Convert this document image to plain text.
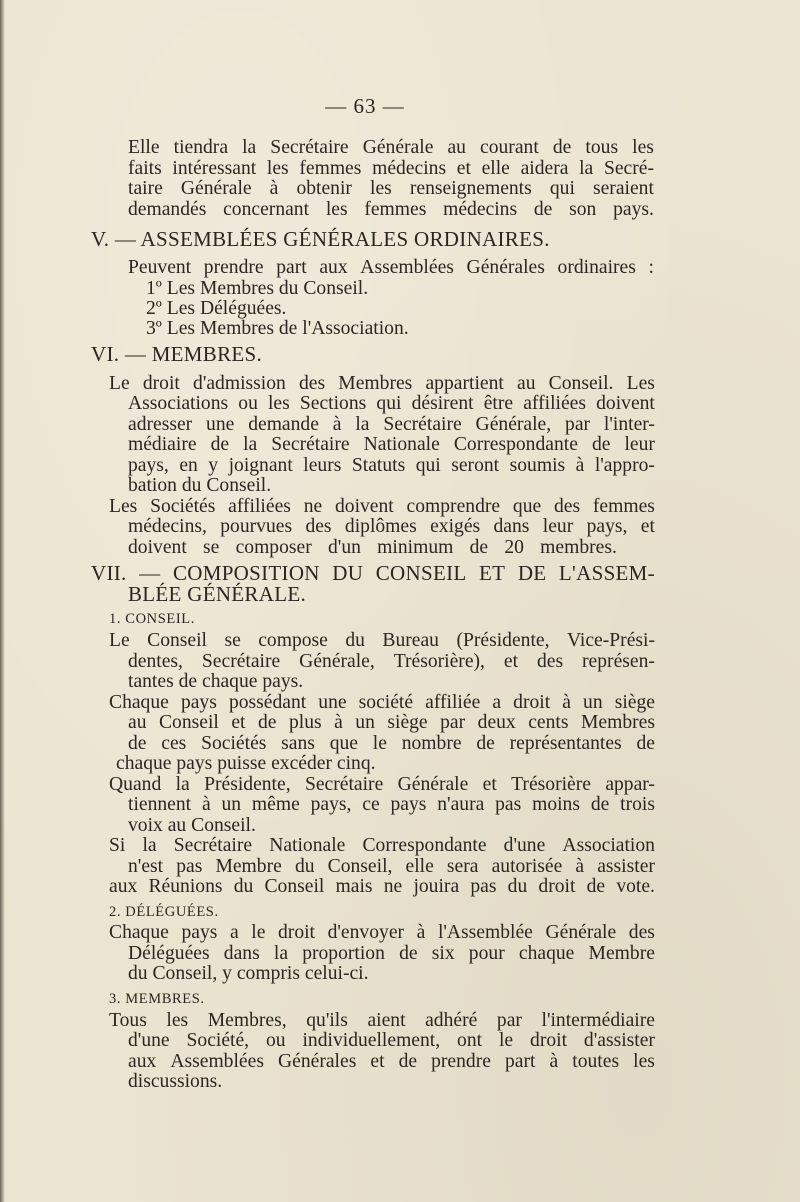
— 63 —

Elle tiendra la Secrétaire Générale au courant de tous les

faits intéressant les femmes médecins et elle aidera la Secré-

taire Générale à obtenir les renseignements qui seraient

demandés concernant les femmes médecins de son pays.

V. — ASSEMBLÉES GÉNÉRALES ORDINAIRES.

Peuvent prendre part aux Assemblées Générales ordinaires :

1º Les Membres du Conseil.

2º Les Déléguées.

3º Les Membres de l'Association.

VI. — MEMBRES.

Le droit d'admission des Membres appartient au Conseil. Les

Associations ou les Sections qui désirent être affiliées doivent

adresser une demande à la Secrétaire Générale, par l'inter-

médiaire de la Secrétaire Nationale Correspondante de leur

pays, en y joignant leurs Statuts qui seront soumis à l'appro-

bation du Conseil.

Les Sociétés affiliées ne doivent comprendre que des femmes

médecins, pourvues des diplômes exigés dans leur pays, et

doivent se composer d'un minimum de 20 membres.

VII. — COMPOSITION DU CONSEIL ET DE L'ASSEM-

BLÉE GÉNÉRALE.

1. CONSEIL.

Le Conseil se compose du Bureau (Présidente, Vice-Prési-

dentes, Secrétaire Générale, Trésorière), et des représen-

tantes de chaque pays.

Chaque pays possédant une société affiliée a droit à un siège

au Conseil et de plus à un siège par deux cents Membres

de ces Sociétés sans que le nombre de représentantes de

chaque pays puisse excéder cinq.

Quand la Présidente, Secrétaire Générale et Trésorière appar-

tiennent à un même pays, ce pays n'aura pas moins de trois

voix au Conseil.

Si la Secrétaire Nationale Correspondante d'une Association

n'est pas Membre du Conseil, elle sera autorisée à assister

aux Réunions du Conseil mais ne jouira pas du droit de vote.

2. DÉLÉGUÉES.

Chaque pays a le droit d'envoyer à l'Assemblée Générale des

Déléguées dans la proportion de six pour chaque Membre

du Conseil, y compris celui-ci.

3. MEMBRES.

Tous les Membres, qu'ils aient adhéré par l'intermédiaire

d'une Société, ou individuellement, ont le droit d'assister

aux Assemblées Générales et de prendre part à toutes les

discussions.
